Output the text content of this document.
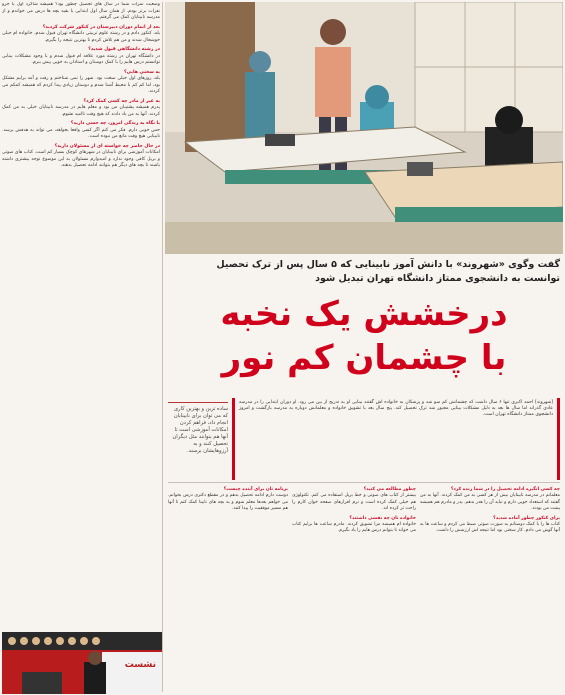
وضعیت نمرات شما در سال های تحصیل چطور بود؟ همیشه شاگرد اول یا جزو نفرات برتر بودم. از همان سال اول ابتدایی با بقیه بچه ها درس می خواندم و از مدرسه نابینایان کمک می گرفتم.
بعد از اتمام دوران دبیرستان در کنکور شرکت کردید؟
بله، کنکور دادم و در رشته علوم تربیتی دانشگاه تهران قبول شدم. خانواده ام خیلی خوشحال شدند و من هم تلاش کردم تا بهترین نتیجه را بگیرم.
در رشته دانشگاهی قبول شدید؟
در دانشگاه تهران در رشته مورد علاقه ام قبول شدم و با وجود مشکلات بینایی توانستم درس هایم را با کمک دوستان و استادان به خوبی پیش ببرم.
به سختی هایی؟
بله، روزهای اول خیلی سخت بود. شهر را نمی شناختم و رفت و آمد برایم مشکل بود، اما کم کم با محیط آشنا شدم و دوستان زیادی پیدا کردم که همیشه کمکم می کردند.
به غیر از مادر چه کسی کمک کرد؟
پدرم همیشه پشتیبان من بود و معلم هایم در مدرسه نابینایان خیلی به من کمک کردند. آنها به من یاد دادند که هیچ وقت ناامید نشوم.
با نگاه به زندگی امروز، چه حسی دارید؟
حس خوبی دارم. فکر می کنم اگر کسی واقعا بخواهد، می تواند به هدفش برسد. نابینایی هیچ وقت مانع من نبوده است.
در حال حاضر چه خواسته ای از مسئولان دارید؟
امکانات آموزشی برای نابینایان در شهرهای کوچک بسیار کم است. کتاب های صوتی و بریل کافی وجود ندارد و امیدوارم مسئولان به این موضوع توجه بیشتری داشته باشند تا بچه های دیگر هم بتوانند ادامه تحصیل بدهند.
گفت وگوی «شهروند» با دانش آموز نابینایی که ۵ سال پس از ترک تحصیل
توانست به دانشجوی ممتاز دانشگاه تهران تبدیل شود
درخشش یک نخبه
با چشمان کم نور
[شهروند] احمد اکبری تنها ۶ سال داشت که چشمانش کم سو شد و پزشکان به خانواده اش گفتند بینایی او به تدریج از بین می رود. او دوران ابتدایی را در مدرسه عادی گذراند اما سال ها بعد به دلیل مشکلات بینایی مجبور شد ترک تحصیل کند. پنج سال بعد با تشویق خانواده و معلمانش دوباره به مدرسه بازگشت و امروز دانشجوی ممتاز دانشگاه تهران است.
ساده ترین و بهترین کاری که می توان برای نابینایان انجام داد، فراهم کردن امکانات آموزشی است تا آنها هم بتوانند مثل دیگران تحصیل کنند و به آرزوهایشان برسند.
چه کسی انگیزه ادامه تحصیل را در شما زنده کرد؟
معلمانم در مدرسه نابینایان بیش از هر کسی به من کمک کردند. آنها به من گفتند که استعداد خوبی دارم و نباید آن را هدر بدهم. پدر و مادرم هم همیشه پشت من بودند.
برای کنکور چطور آماده شدید؟
کتاب ها را با کمک دوستانم به صورت صوتی ضبط می کردم و ساعت ها به آنها گوش می دادم. کار سختی بود اما نتیجه اش ارزشش را داشت.
چطور مطالعه می کنید؟
بیشتر از کتاب های صوتی و خط بریل استفاده می کنم. تکنولوژی هم خیلی کمک کرده است و نرم افزارهای صفحه خوان کارم را راحت تر کرده اند.
خانواده تان چه نقشی داشتند؟
خانواده ام همیشه مرا تشویق کردند. مادرم ساعت ها برایم کتاب می خواند تا بتوانم درس هایم را یاد بگیرم.
برنامه تان برای آینده چیست؟
دوست دارم ادامه تحصیل بدهم و در مقطع دکتری درس بخوانم. می خواهم بعدها معلم شوم و به بچه های نابینا کمک کنم تا آنها هم مسیر موفقیت را پیدا کنند.
نشست
